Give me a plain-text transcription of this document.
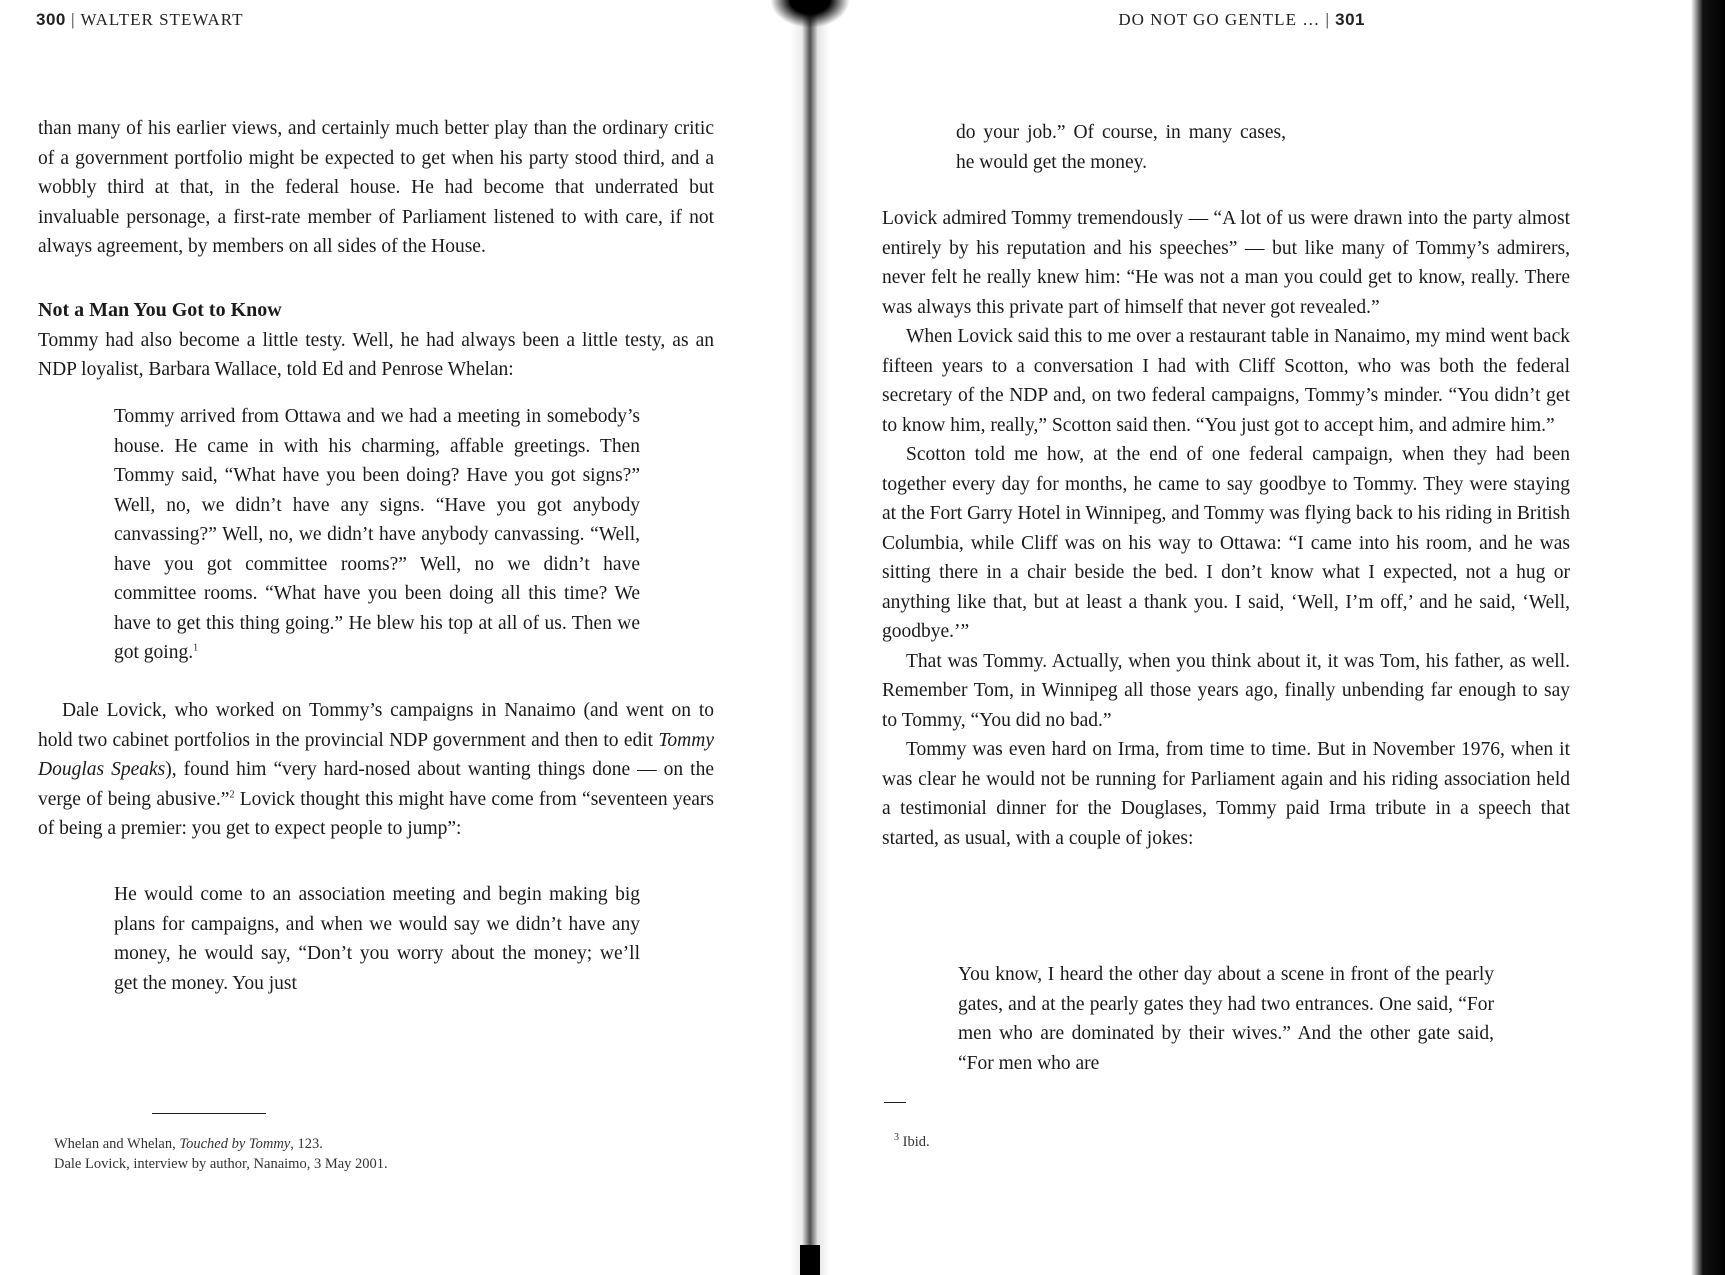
300 | WALTER STEWART

than many of his earlier views, and certainly much better play than the ordinary critic of a government portfolio might be expected to get when his party stood third, and a wobbly third at that, in the federal house. He had become that underrated but invaluable personage, a first-rate member of Parliament listened to with care, if not always agreement, by members on all sides of the House.

Not a Man You Got to Know

Tommy had also become a little testy. Well, he had always been a little testy, as an NDP loyalist, Barbara Wallace, told Ed and Penrose Whelan:

Tommy arrived from Ottawa and we had a meeting in somebody’s house. He came in with his charming, affable greetings. Then Tommy said, “What have you been doing? Have you got signs?” Well, no, we didn’t have any signs. “Have you got anybody canvassing?” Well, no, we didn’t have anybody canvassing. “Well, have you got committee rooms?” Well, no we didn’t have committee rooms. “What have you been doing all this time? We have to get this thing going.” He blew his top at all of us. Then we got going.$^1$

Dale Lovick, who worked on Tommy’s campaigns in Nanaimo (and went on to hold two cabinet portfolios in the provincial NDP government and then to edit Tommy Douglas Speaks), found him “very hard-nosed about wanting things done — on the verge of being abusive.”$^2$ Lovick thought this might have come from “seventeen years of being a premier: you get to expect people to jump”:

He would come to an association meeting and begin making big plans for campaigns, and when we would say we didn’t have any money, he would say, “Don’t you worry about the money; we’ll get the money. You just

Whelan and Whelan, Touched by Tommy, 123.

Dale Lovick, interview by author, Nanaimo, 3 May 2001.

DO NOT GO GENTLE … | 301

do your job.” Of course, in many cases, he would get the money.

Lovick admired Tommy tremendously — “A lot of us were drawn into the party almost entirely by his reputation and his speeches” — but like many of Tommy’s admirers, never felt he really knew him: “He was not a man you could get to know, really. There was always this private part of himself that never got revealed.”

When Lovick said this to me over a restaurant table in Nanaimo, my mind went back fifteen years to a conversation I had with Cliff Scotton, who was both the federal secretary of the NDP and, on two federal campaigns, Tommy’s minder. “You didn’t get to know him, really,” Scotton said then. “You just got to accept him, and admire him.”

Scotton told me how, at the end of one federal campaign, when they had been together every day for months, he came to say goodbye to Tommy. They were staying at the Fort Garry Hotel in Winnipeg, and Tommy was flying back to his riding in British Columbia, while Cliff was on his way to Ottawa: “I came into his room, and he was sitting there in a chair beside the bed. I don’t know what I expected, not a hug or anything like that, but at least a thank you. I said, ‘Well, I’m off,’ and he said, ‘Well, goodbye.’”

That was Tommy. Actually, when you think about it, it was Tom, his father, as well. Remember Tom, in Winnipeg all those years ago, finally unbending far enough to say to Tommy, “You did no bad.”

Tommy was even hard on Irma, from time to time. But in November 1976, when it was clear he would not be running for Parliament again and his riding association held a testimonial dinner for the Douglases, Tommy paid Irma tribute in a speech that started, as usual, with a couple of jokes:

You know, I heard the other day about a scene in front of the pearly gates, and at the pearly gates they had two entrances. One said, “For men who are dominated by their wives.” And the other gate said, “For men who are

$^3$ Ibid.
